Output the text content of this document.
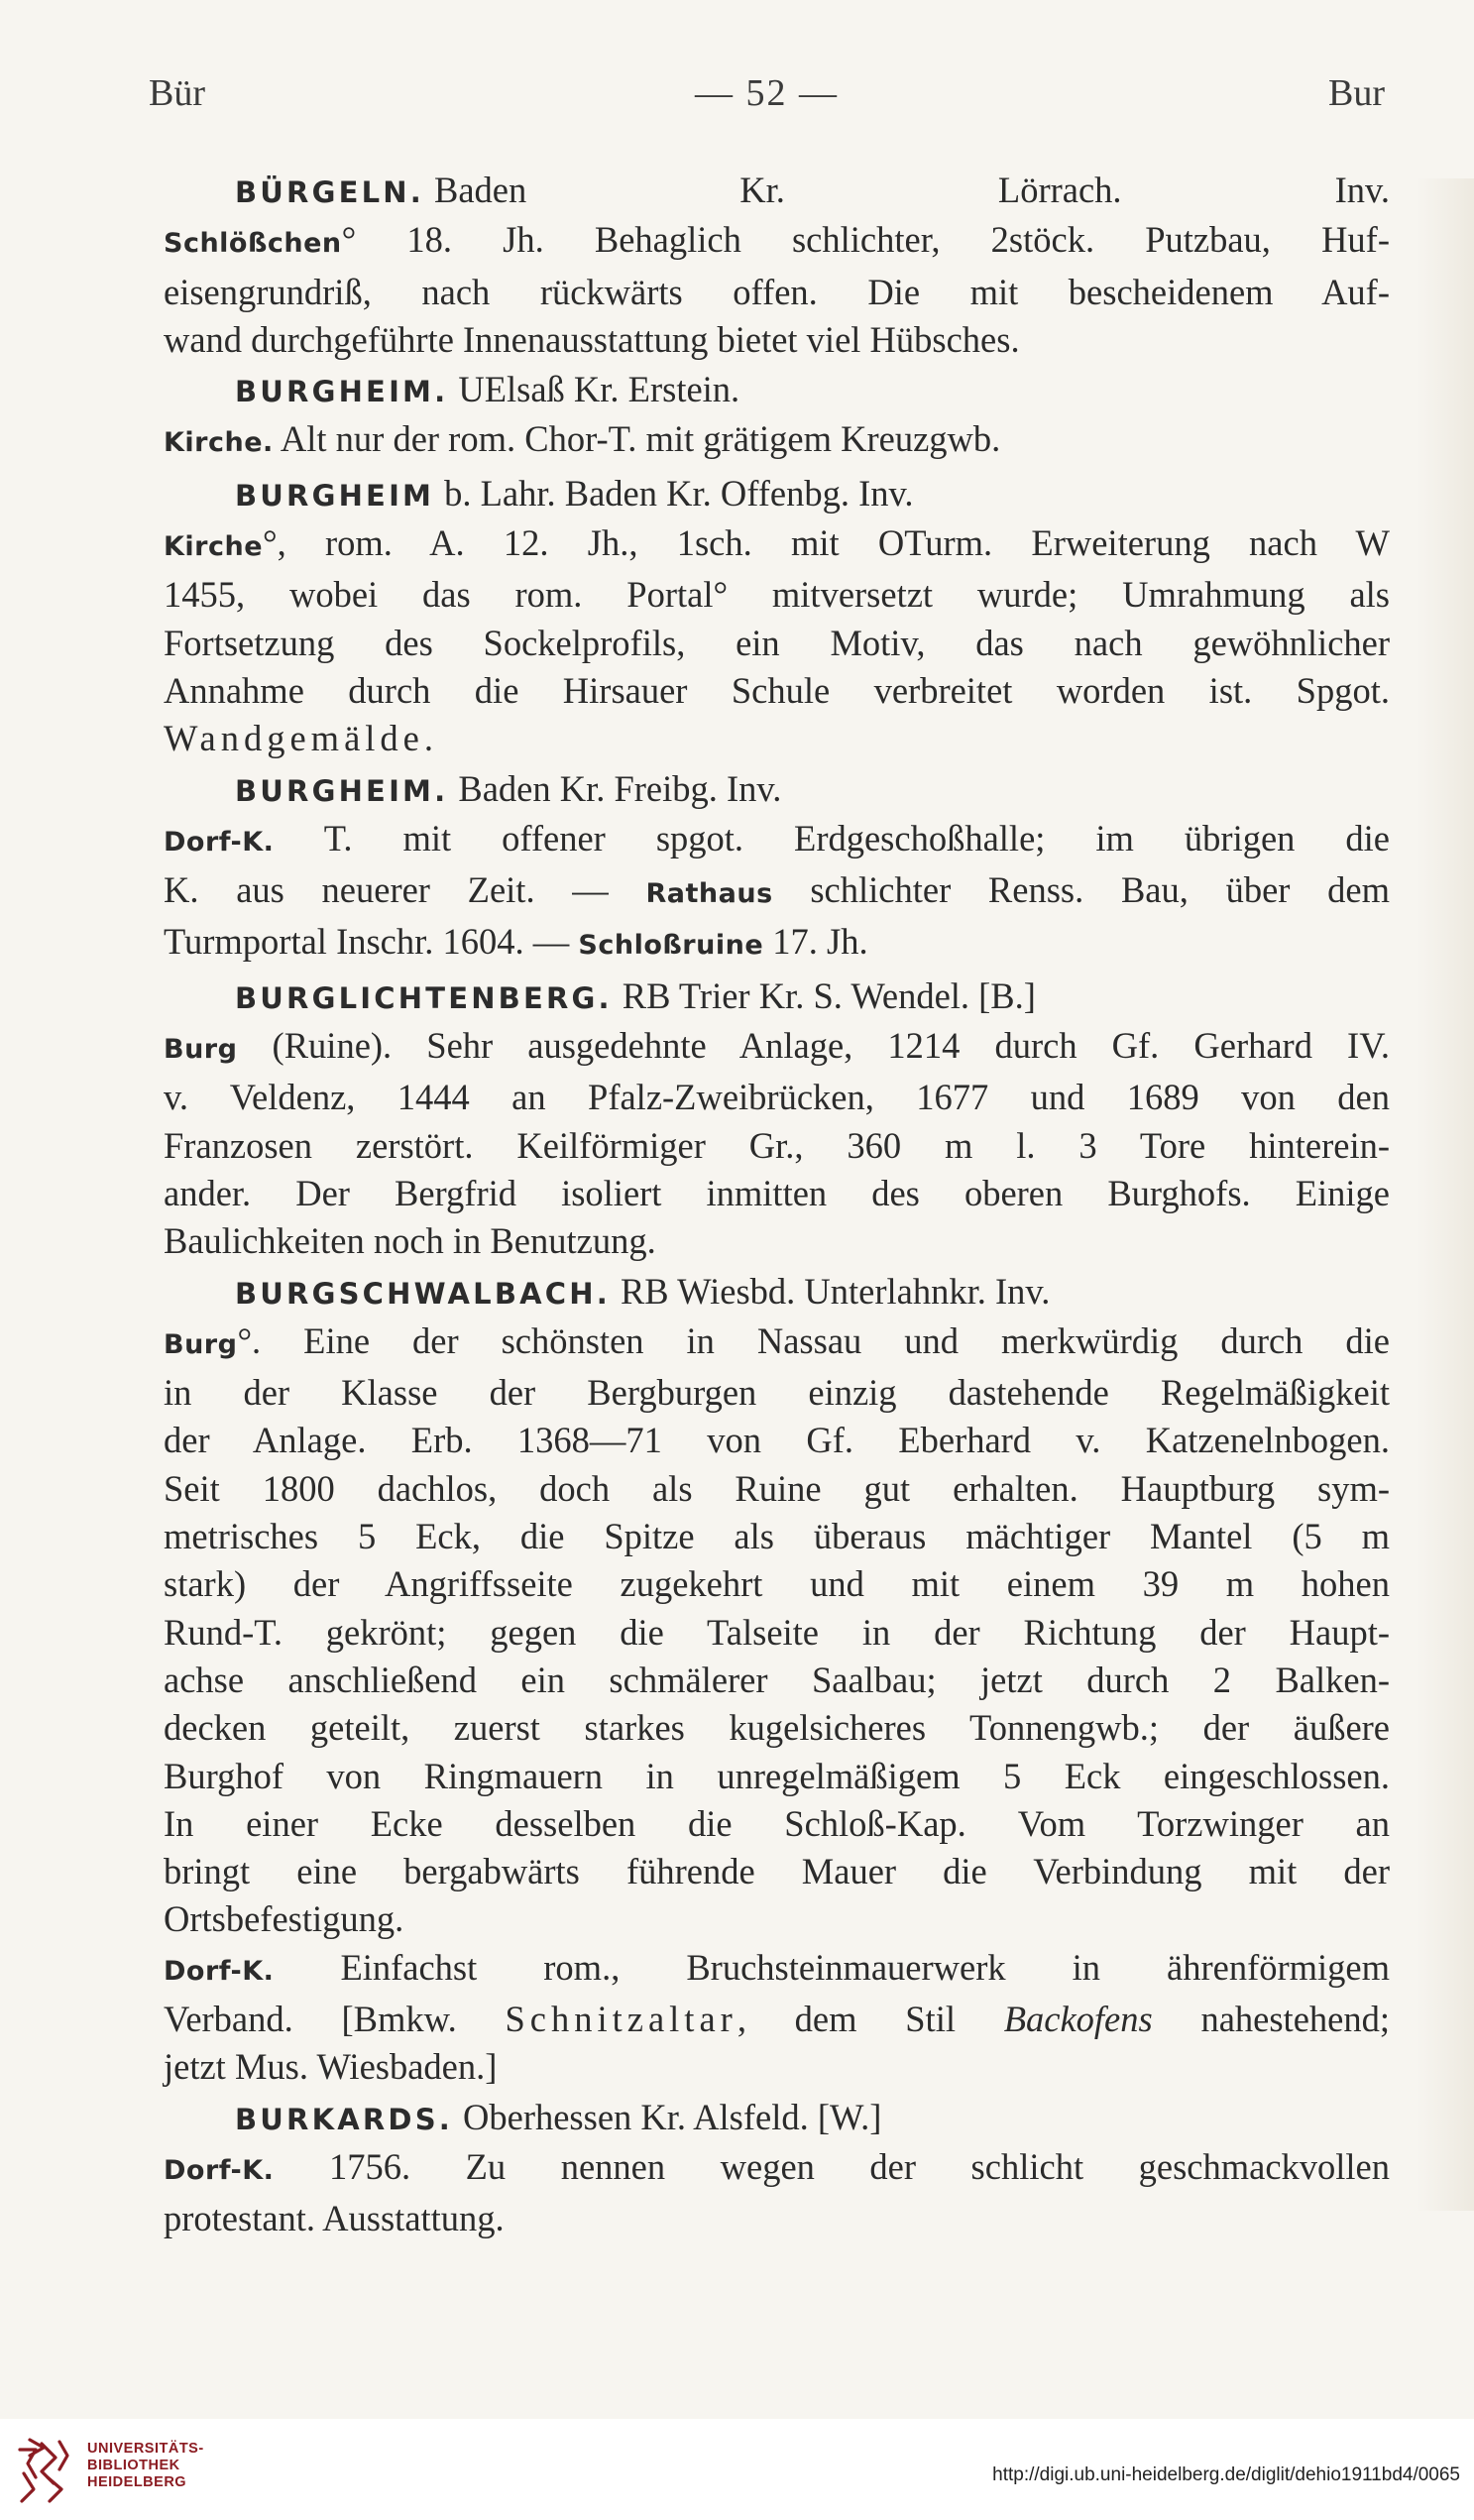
Bür	— 52 —	Bur
BÜRGELN. Baden Kr. Lörrach. Inv.
Schlößchen° 18. Jh. Behaglich schlichter, 2stöck. Putzbau, Huf-
eisengrundriß, nach rückwärts offen. Die mit bescheidenem Auf-
wand durchgeführte Innenausstattung bietet viel Hübsches.
BURGHEIM. UElsaß Kr. Erstein.
Kirche. Alt nur der rom. Chor-T. mit grätigem Kreuzgwb.
BURGHEIM b. Lahr. Baden Kr. Offenbg. Inv.
Kirche°, rom. A. 12. Jh., 1sch. mit OTurm. Erweiterung nach W
1455, wobei das rom. Portal° mitversetzt wurde; Umrahmung als
Fortsetzung des Sockelprofils, ein Motiv, das nach gewöhnlicher
Annahme durch die Hirsauer Schule verbreitet worden ist. Spgot.
Wandgemälde.
BURGHEIM. Baden Kr. Freibg. Inv.
Dorf-K. T. mit offener spgot. Erdgeschoßhalle; im übrigen die
K. aus neuerer Zeit. — Rathaus schlichter Renss. Bau, über dem
Turmportal Inschr. 1604. — Schloßruine 17. Jh.
BURGLICHTENBERG. RB Trier Kr. S. Wendel. [B.]
Burg (Ruine). Sehr ausgedehnte Anlage, 1214 durch Gf. Gerhard IV.
v. Veldenz, 1444 an Pfalz-Zweibrücken, 1677 und 1689 von den
Franzosen zerstört. Keilförmiger Gr., 360 m l. 3 Tore hinterein-
ander. Der Bergfrid isoliert inmitten des oberen Burghofs. Einige
Baulichkeiten noch in Benutzung.
BURGSCHWALBACH. RB Wiesbd. Unterlahnkr. Inv.
Burg°. Eine der schönsten in Nassau und merkwürdig durch die
in der Klasse der Bergburgen einzig dastehende Regelmäßigkeit
der Anlage. Erb. 1368—71 von Gf. Eberhard v. Katzenelnbogen.
Seit 1800 dachlos, doch als Ruine gut erhalten. Hauptburg sym-
metrisches 5 Eck, die Spitze als überaus mächtiger Mantel (5 m
stark) der Angriffsseite zugekehrt und mit einem 39 m hohen
Rund-T. gekrönt; gegen die Talseite in der Richtung der Haupt-
achse anschließend ein schmälerer Saalbau; jetzt durch 2 Balken-
decken geteilt, zuerst starkes kugelsicheres Tonnengwb.; der äußere
Burghof von Ringmauern in unregelmäßigem 5 Eck eingeschlossen.
In einer Ecke desselben die Schloß-Kap. Vom Torzwinger an
bringt eine bergabwärts führende Mauer die Verbindung mit der
Ortsbefestigung.
Dorf-K. Einfachst rom., Bruchsteinmauerwerk in ährenförmigem
Verband. [Bmkw. Schnitzaltar, dem Stil Backofens nahestehend;
jetzt Mus. Wiesbaden.]
BURKARDS. Oberhessen Kr. Alsfeld. [W.]
Dorf-K. 1756. Zu nennen wegen der schlicht geschmackvollen
protestant. Ausstattung.
UNIVERSITÄTS-
BIBLIOTHEK
HEIDELBERG	http://digi.ub.uni-heidelberg.de/diglit/dehio1911bd4/0065
